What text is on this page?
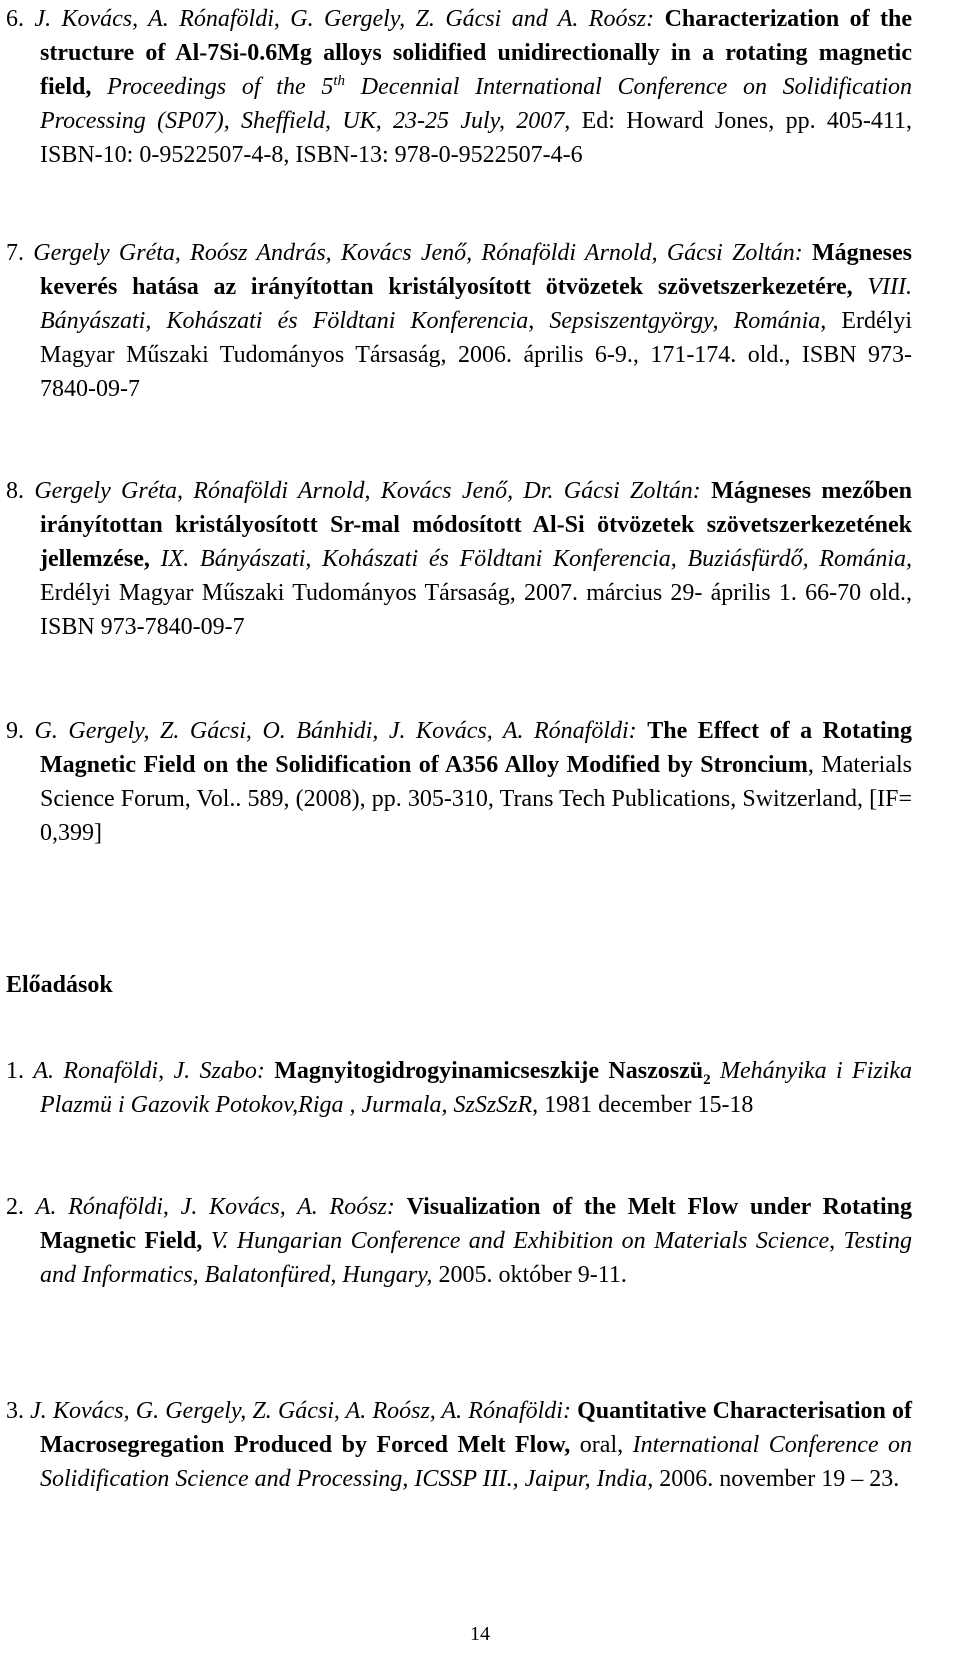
6. J. Kovács, A. Rónaföldi, G. Gergely, Z. Gácsi and A. Roósz: Characterization of the structure of Al-7Si-0.6Mg alloys solidified unidirectionally in a rotating magnetic field, Proceedings of the 5th Decennial International Conference on Solidification Processing (SP07), Sheffield, UK, 23-25 July, 2007, Ed: Howard Jones, pp. 405-411, ISBN-10: 0-9522507-4-8, ISBN-13: 978-0-9522507-4-6

7. Gergely Gréta, Roósz András, Kovács Jenő, Rónaföldi Arnold, Gácsi Zoltán: Mágneses keverés hatása az irányítottan kristályosított ötvözetek szövetszerkezetére, VIII. Bányászati, Kohászati és Földtani Konferencia, Sepsiszentgyörgy, Románia, Erdélyi Magyar Műszaki Tudományos Társaság, 2006. április 6-9., 171-174. old., ISBN 973-7840-09-7

8. Gergely Gréta, Rónaföldi Arnold, Kovács Jenő, Dr. Gácsi Zoltán: Mágneses mezőben irányítottan kristályosított Sr-mal módosított Al-Si ötvözetek szövetszerkezetének jellemzése, IX. Bányászati, Kohászati és Földtani Konferencia, Buziásfürdő, Románia, Erdélyi Magyar Műszaki Tudományos Társaság, 2007. március 29- április 1. 66-70 old., ISBN 973-7840-09-7

9. G. Gergely, Z. Gácsi, O. Bánhidi, J. Kovács, A. Rónaföldi: The Effect of a Rotating Magnetic Field on the Solidification of A356 Alloy Modified by Stroncium, Materials Science Forum, Vol.. 589, (2008), pp. 305-310, Trans Tech Publications, Switzerland, [IF= 0,399]

Előadások

1. A. Ronaföldi, J. Szabo: Magnyitogidrogyinamicseszkije Naszoszü$_2$ Mehányika i Fizika Plazmü i Gazovik Potokov,Riga , Jurmala, SzSzSzR, 1981 december 15-18

2. A. Rónaföldi, J. Kovács, A. Roósz: Visualization of the Melt Flow under Rotating Magnetic Field, V. Hungarian Conference and Exhibition on Materials Science, Testing and Informatics, Balatonfüred, Hungary, 2005. október 9-11.

3. J. Kovács, G. Gergely, Z. Gácsi, A. Roósz, A. Rónaföldi: Quantitative Characterisation of Macrosegregation Produced by Forced Melt Flow, oral, International Conference on Solidification Science and Processing, ICSSP III., Jaipur, India, 2006. november 19 – 23.

14
